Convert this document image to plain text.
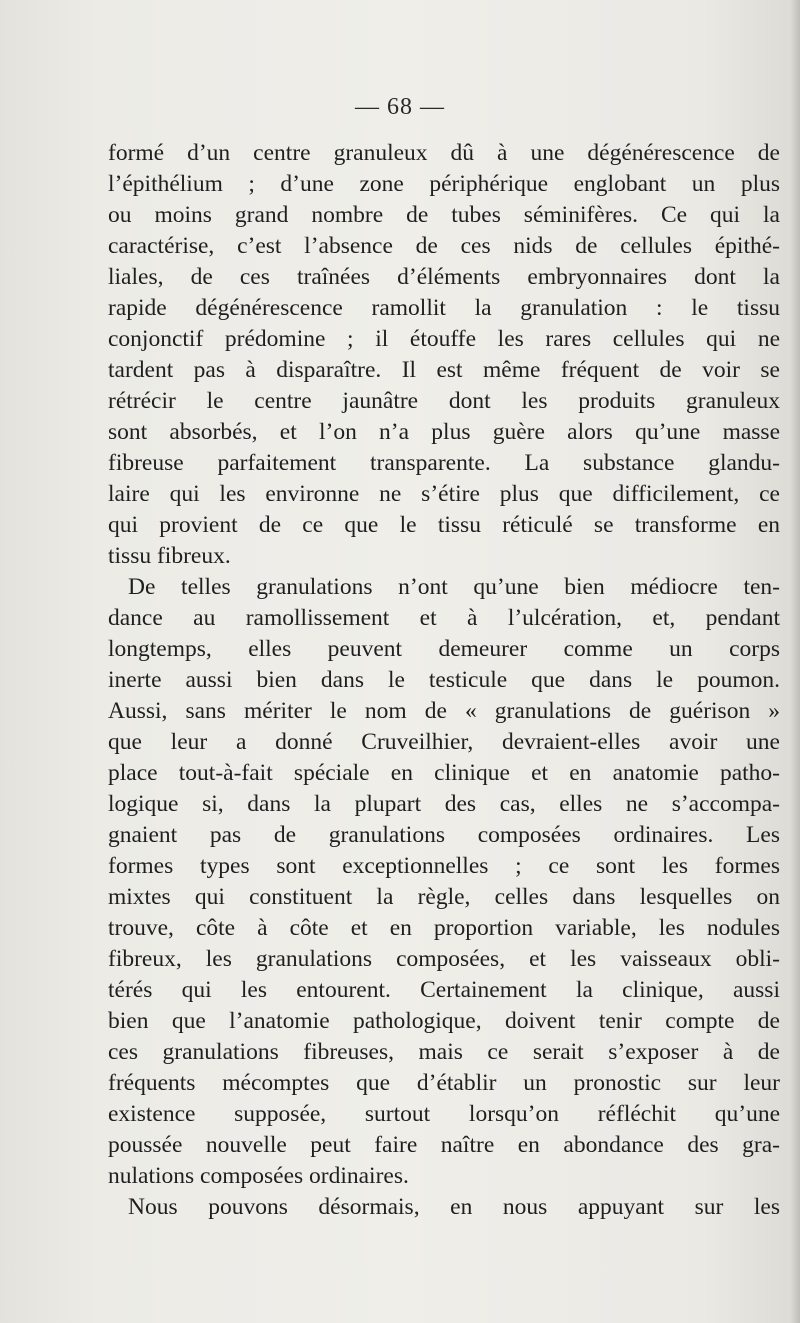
— 68 —
formé d’un centre granuleux dû à une dégénérescence de
l’épithélium ; d’une zone périphérique englobant un plus
ou moins grand nombre de tubes séminifères. Ce qui la
caractérise, c’est l’absence de ces nids de cellules épithé-
liales, de ces traînées d’éléments embryonnaires dont la
rapide dégénérescence ramollit la granulation : le tissu
conjonctif prédomine ; il étouffe les rares cellules qui ne
tardent pas à disparaître. Il est même fréquent de voir se
rétrécir le centre jaunâtre dont les produits granuleux
sont absorbés, et l’on n’a plus guère alors qu’une masse
fibreuse parfaitement transparente. La substance glandu-
laire qui les environne ne s’étire plus que difficilement, ce
qui provient de ce que le tissu réticulé se transforme en
tissu fibreux.
De telles granulations n’ont qu’une bien médiocre ten-
dance au ramollissement et à l’ulcération, et, pendant
longtemps, elles peuvent demeurer comme un corps
inerte aussi bien dans le testicule que dans le poumon.
Aussi, sans mériter le nom de « granulations de guérison »
que leur a donné Cruveilhier, devraient-elles avoir une
place tout-à-fait spéciale en clinique et en anatomie patho-
logique si, dans la plupart des cas, elles ne s’accompa-
gnaient pas de granulations composées ordinaires. Les
formes types sont exceptionnelles ; ce sont les formes
mixtes qui constituent la règle, celles dans lesquelles on
trouve, côte à côte et en proportion variable, les nodules
fibreux, les granulations composées, et les vaisseaux obli-
térés qui les entourent. Certainement la clinique, aussi
bien que l’anatomie pathologique, doivent tenir compte de
ces granulations fibreuses, mais ce serait s’exposer à de
fréquents mécomptes que d’établir un pronostic sur leur
existence supposée, surtout lorsqu’on réfléchit qu’une
poussée nouvelle peut faire naître en abondance des gra-
nulations composées ordinaires.
Nous pouvons désormais, en nous appuyant sur les
